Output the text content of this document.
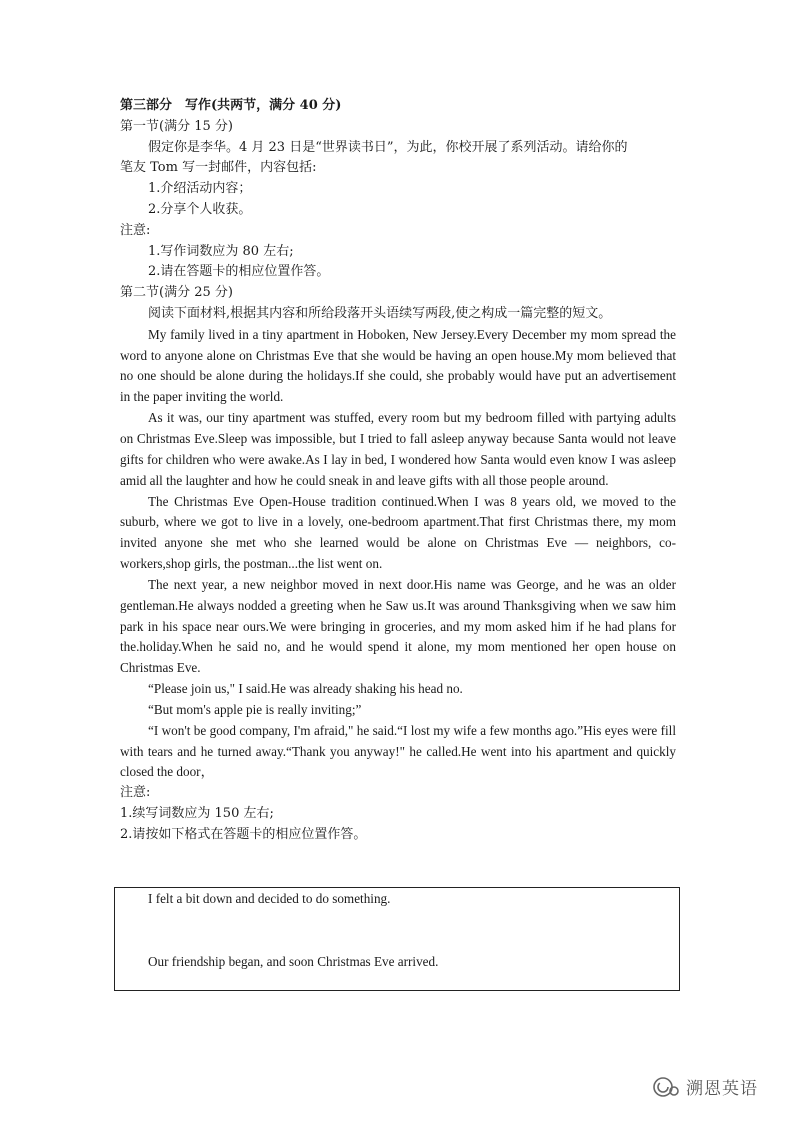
第三部分　写作(共两节，满分 40 分)
第一节(满分 15 分)
假定你是李华。4 月 23 日是“世界读书日”，为此，你校开展了系列活动。请给你的
笔友 Tom 写一封邮件，内容包括:
1.介绍活动内容；
2.分享个人收获。
注意:
1.写作词数应为 80 左右;
2.请在答题卡的相应位置作答。
第二节(满分 25 分)
阅读下面材料,根据其内容和所给段落开头语续写两段,使之构成一篇完整的短文。
My family lived in a tiny apartment in Hoboken, New Jersey.Every December my mom spread the word to anyone alone on Christmas Eve that she would be having an open house.My mom believed that no one should be alone during the holidays.If she could, she probably would have put an advertisement in the paper inviting the world.
As it was, our tiny apartment was stuffed, every room but my bedroom filled with partying adults on Christmas Eve.Sleep was impossible, but I tried to fall asleep anyway because Santa would not leave gifts for children who were awake.As I lay in bed, I wondered how Santa would even know I was asleep amid all the laughter and how he could sneak in and leave gifts with all those people around.
The Christmas Eve Open-House tradition continued.When I was 8 years old, we moved to the suburb, where we got to live in a lovely, one-bedroom apartment.That first Christmas there, my mom invited anyone she met who she learned would be alone on Christmas Eve — neighbors, co-workers,shop girls, the postman...the list went on.
The next year, a new neighbor moved in next door.His name was George, and he was an older gentleman.He always nodded a greeting when he Saw us.It was around Thanksgiving when we saw him park in his space near ours.We were bringing in groceries, and my mom asked him if he had plans for the.holiday.When he said no, and he would spend it alone, my mom mentioned her open house on Christmas Eve.
“Please join us," I said.He was already shaking his head no.
“But mom's apple pie is really inviting;”
“I won't be good company, I'm afraid," he said.“I lost my wife a few months ago.”His eyes were fill with tears and he turned away.“Thank you anyway!" he called.He went into his apartment and quickly closed the door，
注意:
1.续写词数应为 150 左右;
2.请按如下格式在答题卡的相应位置作答。
I felt a bit down and decided to do something.
Our friendship began, and soon Christmas Eve arrived.
溯恩英语
